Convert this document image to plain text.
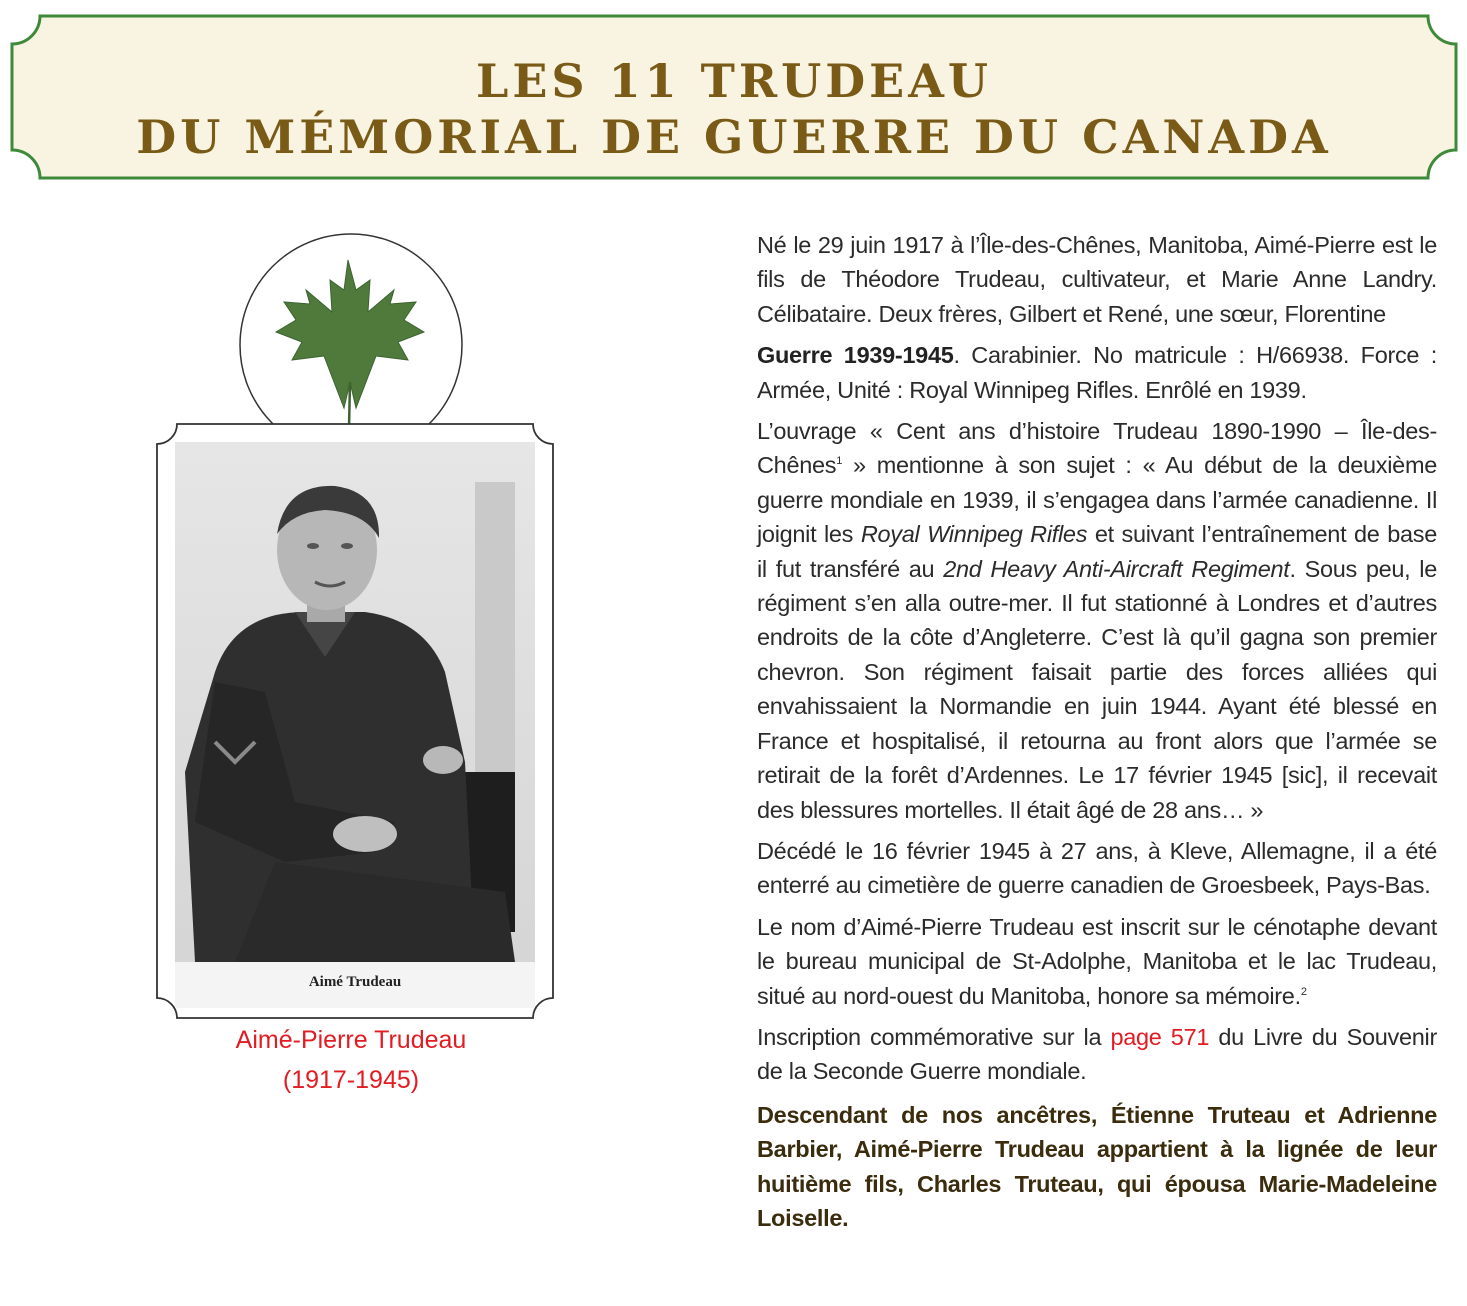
LES 11 TRUDEAU
DU MÉMORIAL DE GUERRE DU CANADA
Aimé Trudeau
Aimé-Pierre Trudeau
(1917-1945)

Né le 29 juin 1917 à l’Île-des-Chênes, Manitoba, Aimé-Pierre est le fils de Théodore Trudeau, cultivateur, et Marie Anne Landry. Célibataire. Deux frères, Gilbert et René, une sœur, Florentine

Guerre 1939-1945. Carabinier. No matricule : H/66938. Force : Armée, Unité : Royal Winnipeg Rifles. Enrôlé en 1939.

L’ouvrage « Cent ans d’histoire Trudeau 1890-1990 – Île-des-Chênes$^1$ » mentionne à son sujet : « Au début de la deuxième guerre mondiale en 1939, il s’engagea dans l’armée canadienne. Il joignit les Royal Winnipeg Rifles et suivant l’entraînement de base il fut transféré au 2nd Heavy Anti-Aircraft Regiment. Sous peu, le régiment s’en alla outre-mer. Il fut stationné à Londres et d’autres endroits de la côte d’Angleterre. C’est là qu’il gagna son premier chevron. Son régiment faisait partie des forces alliées qui envahissaient la Normandie en juin 1944. Ayant été blessé en France et hospitalisé, il retourna au front alors que l’armée se retirait de la forêt d’Ardennes. Le 17 février 1945 [sic], il recevait des blessures mortelles. Il était âgé de 28 ans… »

Décédé le 16 février 1945 à 27 ans, à Kleve, Allemagne, il a été enterré au cimetière de guerre canadien de Groesbeek, Pays-Bas.

Le nom d’Aimé-Pierre Trudeau est inscrit sur le cénotaphe devant le bureau municipal de St-Adolphe, Manitoba et le lac Trudeau, situé au nord-ouest du Manitoba, honore sa mémoire.$^2$

Inscription commémorative sur la page 571 du Livre du Souvenir de la Seconde Guerre mondiale.

Descendant de nos ancêtres, Étienne Truteau et Adrienne Barbier, Aimé-Pierre Trudeau appartient à la lignée de leur huitième fils, Charles Truteau, qui épousa Marie-Madeleine Loiselle.
